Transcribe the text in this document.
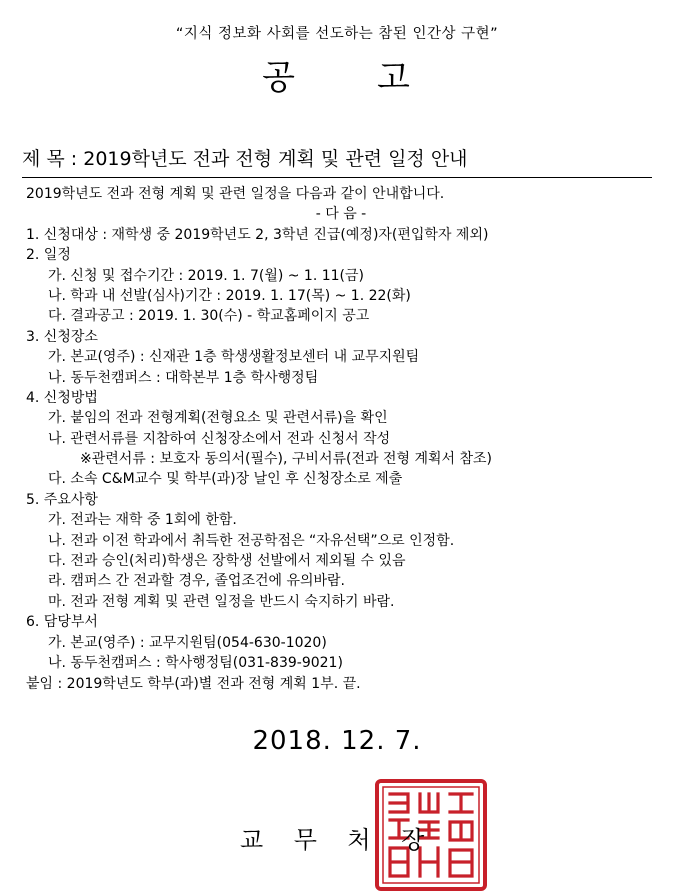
“지식 정보화 사회를 선도하는 참된 인간상 구현”
공 고
제 목 : 2019학년도 전과 전형 계획 및 관련 일정 안내
2019학년도 전과 전형 계획 및 관련 일정을 다음과 같이 안내합니다.
- 다 음 -
1. 신청대상 : 재학생 중 2019학년도 2, 3학년 진급(예정)자(편입학자 제외)
2. 일정
가. 신청 및 접수기간 : 2019. 1. 7(월) ~ 1. 11(금)
나. 학과 내 선발(심사)기간 : 2019. 1. 17(목) ~ 1. 22(화)
다. 결과공고 : 2019. 1. 30(수) - 학교홈페이지 공고
3. 신청장소
가. 본교(영주) : 신재관 1층 학생생활정보센터 내 교무지원팀
나. 동두천캠퍼스 : 대학본부 1층 학사행정팀
4. 신청방법
가. 붙임의 전과 전형계획(전형요소 및 관련서류)을 확인
나. 관련서류를 지참하여 신청장소에서 전과 신청서 작성
※관련서류 : 보호자 동의서(필수), 구비서류(전과 전형 계획서 참조)
다. 소속 C&M교수 및 학부(과)장 날인 후 신청장소로 제출
5. 주요사항
가. 전과는 재학 중 1회에 한함.
나. 전과 이전 학과에서 취득한 전공학점은 “자유선택”으로 인정함.
다. 전과 승인(처리)학생은 장학생 선발에서 제외될 수 있음
라. 캠퍼스 간 전과할 경우, 졸업조건에 유의바람.
마. 전과 전형 계획 및 관련 일정을 반드시 숙지하기 바람.
6. 담당부서
가. 본교(영주) : 교무지원팀(054-630-1020)
나. 동두천캠퍼스 : 학사행정팀(031-839-9021)
붙임 : 2019학년도 학부(과)별 전과 전형 계획 1부. 끝.
2018. 12. 7.
교 무 처 장
